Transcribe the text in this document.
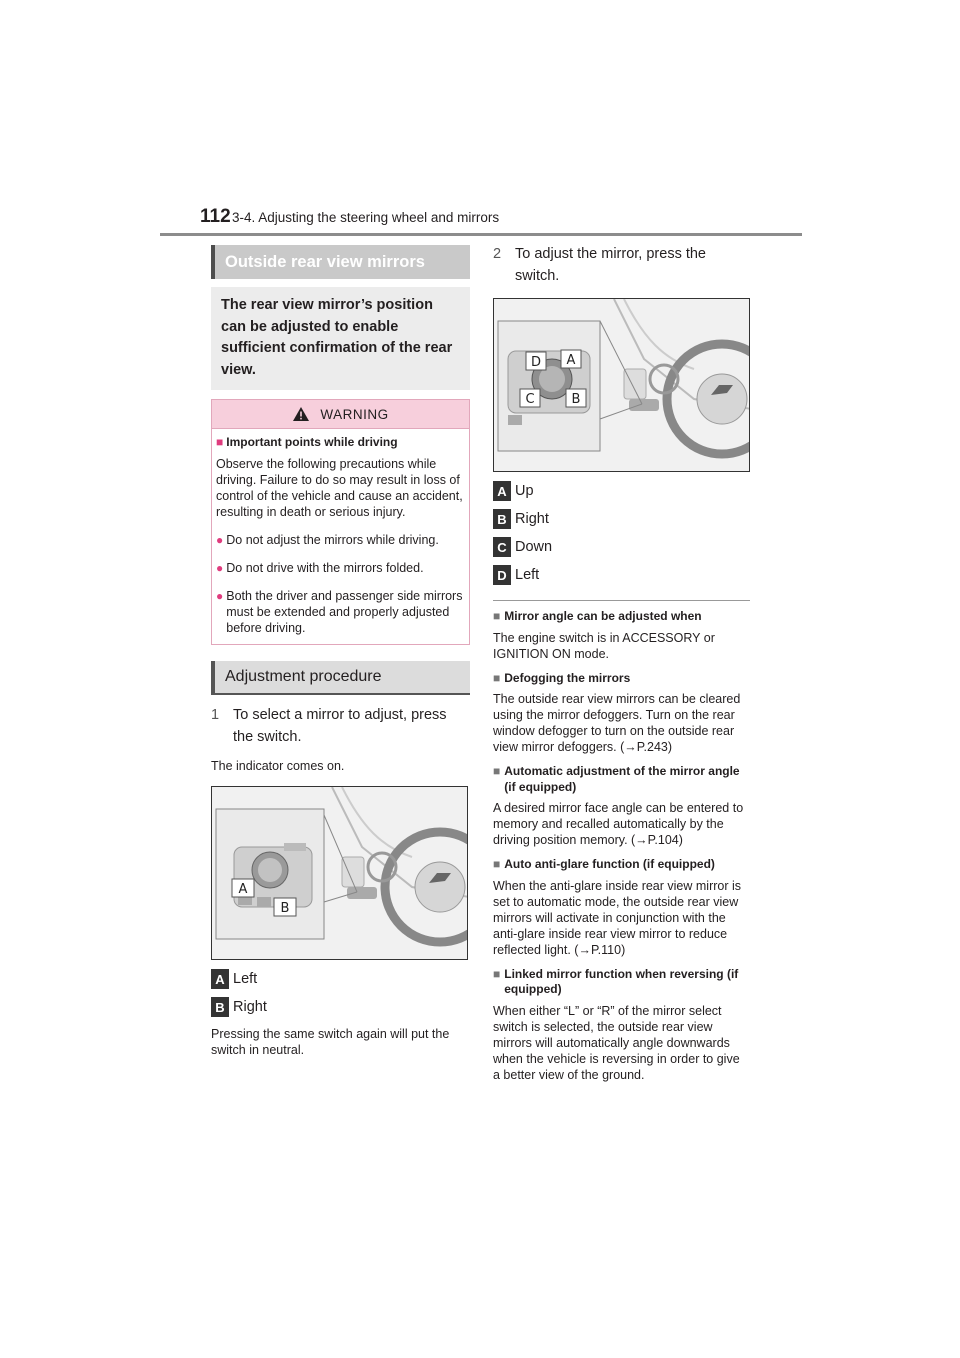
112 3-4. Adjusting the steering wheel and mirrors
Outside rear view mirrors
The rear view mirror’s position can be adjusted to enable sufficient confirmation of the rear view.
WARNING
■ Important points while driving

Observe the following precautions while driving. Failure to do so may result in loss of control of the vehicle and cause an accident, resulting in death or serious injury.

● Do not adjust the mirrors while driving.
● Do not drive with the mirrors folded.
● Both the driver and passenger side mirrors must be extended and properly adjusted before driving.
Adjustment procedure
1 To select a mirror to adjust, press the switch.
The indicator comes on.
A
B
A Left
B Right
Pressing the same switch again will put the switch in neutral.
2 To adjust the mirror, press the switch.
D A
C	B
A Up
B Right
C Down
D Left
■ Mirror angle can be adjusted when
The engine switch is in ACCESSORY or IGNITION ON mode.
■ Defogging the mirrors
The outside rear view mirrors can be cleared using the mirror defoggers. Turn on the rear window defogger to turn on the outside rear view mirror defoggers. (→P.243)
■ Automatic adjustment of the mirror angle (if equipped)
A desired mirror face angle can be entered to memory and recalled automatically by the driving position memory. (→P.104)
■ Auto anti-glare function (if equipped)
When the anti-glare inside rear view mirror is set to automatic mode, the outside rear view mirrors will activate in conjunction with the anti-glare inside rear view mirror to reduce reflected light. (→P.110)
■ Linked mirror function when reversing (if equipped)
When either “L” or “R” of the mirror select switch is selected, the outside rear view mirrors will automatically angle downwards when the vehicle is reversing in order to give a better view of the ground.
